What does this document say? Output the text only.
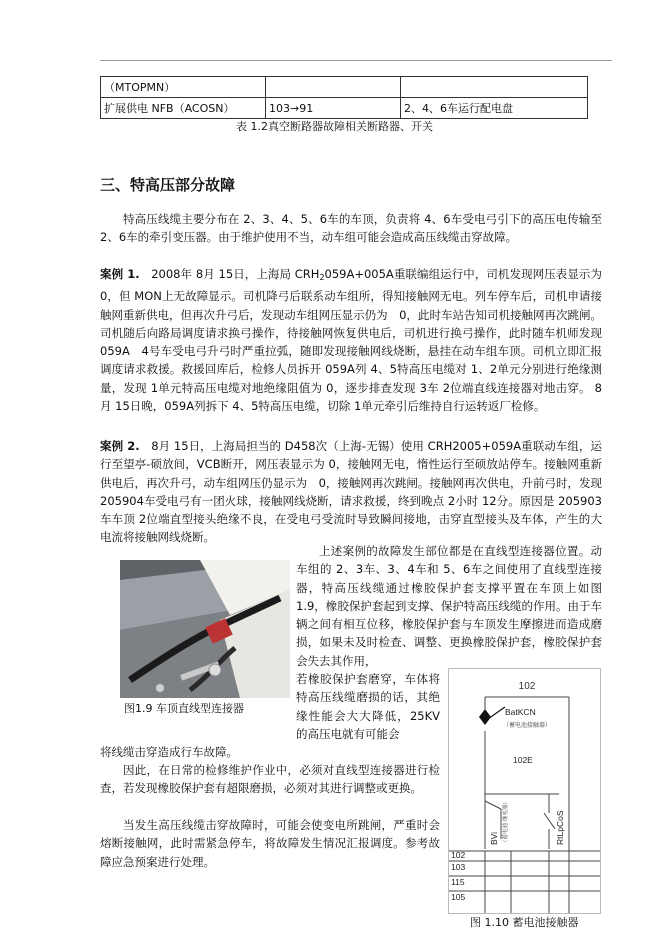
（MTOPMN）		
扩展供电 NFB（ACOSN）	103→91	2、4、6车运行配电盘
表 1.2真空断路器故障相关断路器、开关
三、特高压部分故障

特高压线缆主要分布在 2、3、4、5、6车的车顶，负责将 4、6车受电弓引下的高压电传输至 2、6车的牵引变压器。由于维护使用不当，动车组可能会造成高压线缆击穿故障。

案例 1.　 2008年 8月 15日，上海局 $CRH_2059A+005A$重联编组运行中，司机发现网压表显示为 0，但 MON上无故障显示。司机降弓后联系动车组所，得知接触网无电。列车停车后，司机申请接触网重新供电，但再次升弓后，发现动车组网压显示仍为　0，此时车站告知司机接触网再次跳闸。司机随后向路局调度请求换弓操作，待接触网恢复供电后，司机进行换弓操作，此时随车机师发现　059A　4号车受电弓升弓时严重拉弧，随即发现接触网线烧断，悬挂在动车组车顶。司机立即汇报调度请求救援。救援回库后，检修人员拆开 059A列 4、5特高压电缆对 1、2单元分别进行绝缘测量，发现 1单元特高压电缆对地绝缘阻值为 0，逐步排查发现 3车 2位端直线连接器对地击穿。 8月 15日晚，059A列拆下 4、5特高压电缆，切除 1单元牵引后维持自行运转返厂检修。

案例 2.　 8月 15日，上海局担当的 D458次（上海-无锡）使用 CRH2005+059A重联动车组，运行至望亭-硕放间，VCB断开，网压表显示为 0，接触网无电，惰性运行至硕放站停车。接触网重新供电后，再次升弓，动车组网压仍显示为　0，接触网再次跳闸。接触网再次供电，升前弓时，发现 205904车受电弓有一团火球，接触网线烧断，请求救援，终到晚点 2小时 12分。原因是 205903车车顶 2位端直型接头绝缘不良，在受电弓受流时导致瞬间接地，击穿直型接头及车体，产生的大电流将接触网线烧断。

图1.9 车顶直线型连接器

上述案例的故障发生部位都是在直线型连接器位置。动车组的 2、3车、3、4车和 5、6车之间使用了直线型连接器，特高压线缆通过橡胶保护套支撑平置在车顶上如图 1.9，橡胶保护套起到支撑、保护特高压线缆的作用。由于车辆之间有相互位移，橡胶保护套与车顶发生摩擦进而造成磨损，如果未及时检查、调整、更换橡胶保护套，橡胶保护套会失去其作用，

若橡胶保护套磨穿，车体将特高压线缆磨损的话，其绝缘性能会大大降低，25KV的高压电就有可能会

将线缆击穿造成行车故障。

因此，在日常的检修维护作业中，必须对直线型连接器进行检查，若发现橡胶保护套有超限磨损，必须对其进行调整或更换。

当发生高压线缆击穿故障时，可能会使变电所跳闸，严重时会熔断接触网，此时需紧急停车，将故障发生情况汇报调度。参考故障应急预案进行处理。

102
BatKCN
（蓄电池接触器）
102E
BVi （蓄电池·继电器）	RtLpCoS
102
103
115
105
图 1.10 蓄电池接触器
